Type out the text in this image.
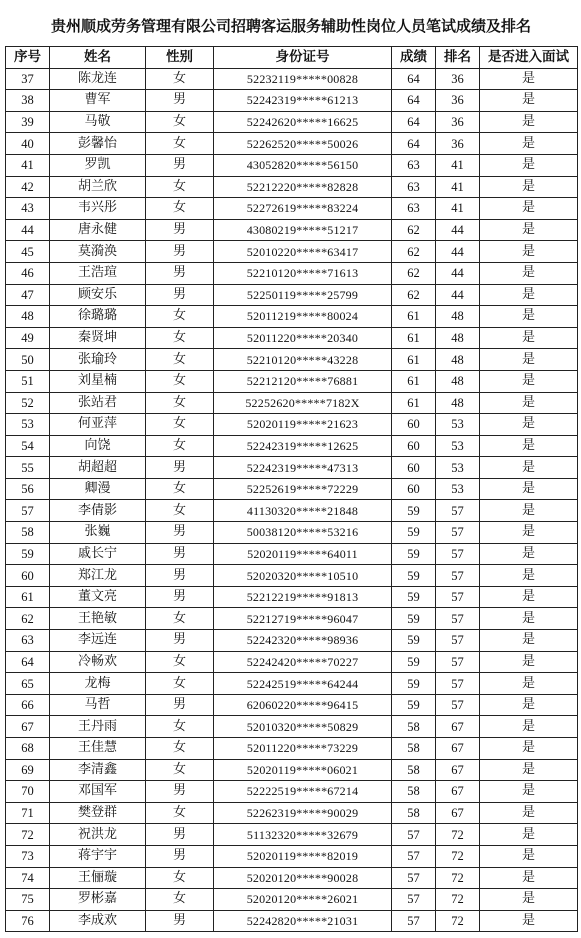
贵州顺成劳务管理有限公司招聘客运服务辅助性岗位人员笔试成绩及排名
序号	姓名	性别	身份证号	成绩	排名	是否进入面试
37	陈龙连	女	52232119*****00828	64	36	是
38	曹军	男	52242319*****61213	64	36	是
39	马敬	女	52242620*****16625	64	36	是
40	彭馨怡	女	52262520*****50026	64	36	是
41	罗凯	男	43052820*****56150	63	41	是
42	胡兰欣	女	52212220*****82828	63	41	是
43	韦兴彤	女	52272619*****83224	63	41	是
44	唐永健	男	43080219*****51217	62	44	是
45	莫漪涣	男	52010220*****63417	62	44	是
46	王浩瑄	男	52210120*****71613	62	44	是
47	顾安乐	男	52250119*****25799	62	44	是
48	徐璐璐	女	52011219*****80024	61	48	是
49	秦贤坤	女	52011220*****20340	61	48	是
50	张瑜玲	女	52210120*****43228	61	48	是
51	刘星楠	女	52212120*****76881	61	48	是
52	张站君	女	52252620*****7182X	61	48	是
53	何亚萍	女	52020119*****21623	60	53	是
54	向饶	女	52242319*****12625	60	53	是
55	胡超超	男	52242319*****47313	60	53	是
56	卿漫	女	52252619*****72229	60	53	是
57	李倩影	女	41130320*****21848	59	57	是
58	张巍	男	50038120*****53216	59	57	是
59	戚长宁	男	52020119*****64011	59	57	是
60	郑江龙	男	52020320*****10510	59	57	是
61	董文亮	男	52212219*****91813	59	57	是
62	王艳敏	女	52212719*****96047	59	57	是
63	李远连	男	52242320*****98936	59	57	是
64	冷畅欢	女	52242420*****70227	59	57	是
65	龙梅	女	52242519*****64244	59	57	是
66	马哲	男	62060220*****96415	59	57	是
67	王丹雨	女	52010320*****50829	58	67	是
68	王佳慧	女	52011220*****73229	58	67	是
69	李清鑫	女	52020119*****06021	58	67	是
70	邓国军	男	52222519*****67214	58	67	是
71	樊登群	女	52262319*****90029	58	67	是
72	祝洪龙	男	51132320*****32679	57	72	是
73	蒋宇宇	男	52020119*****82019	57	72	是
74	王俪璇	女	52020120*****90028	57	72	是
75	罗彬嘉	女	52020120*****26021	57	72	是
76	李成欢	男	52242820*****21031	57	72	是
